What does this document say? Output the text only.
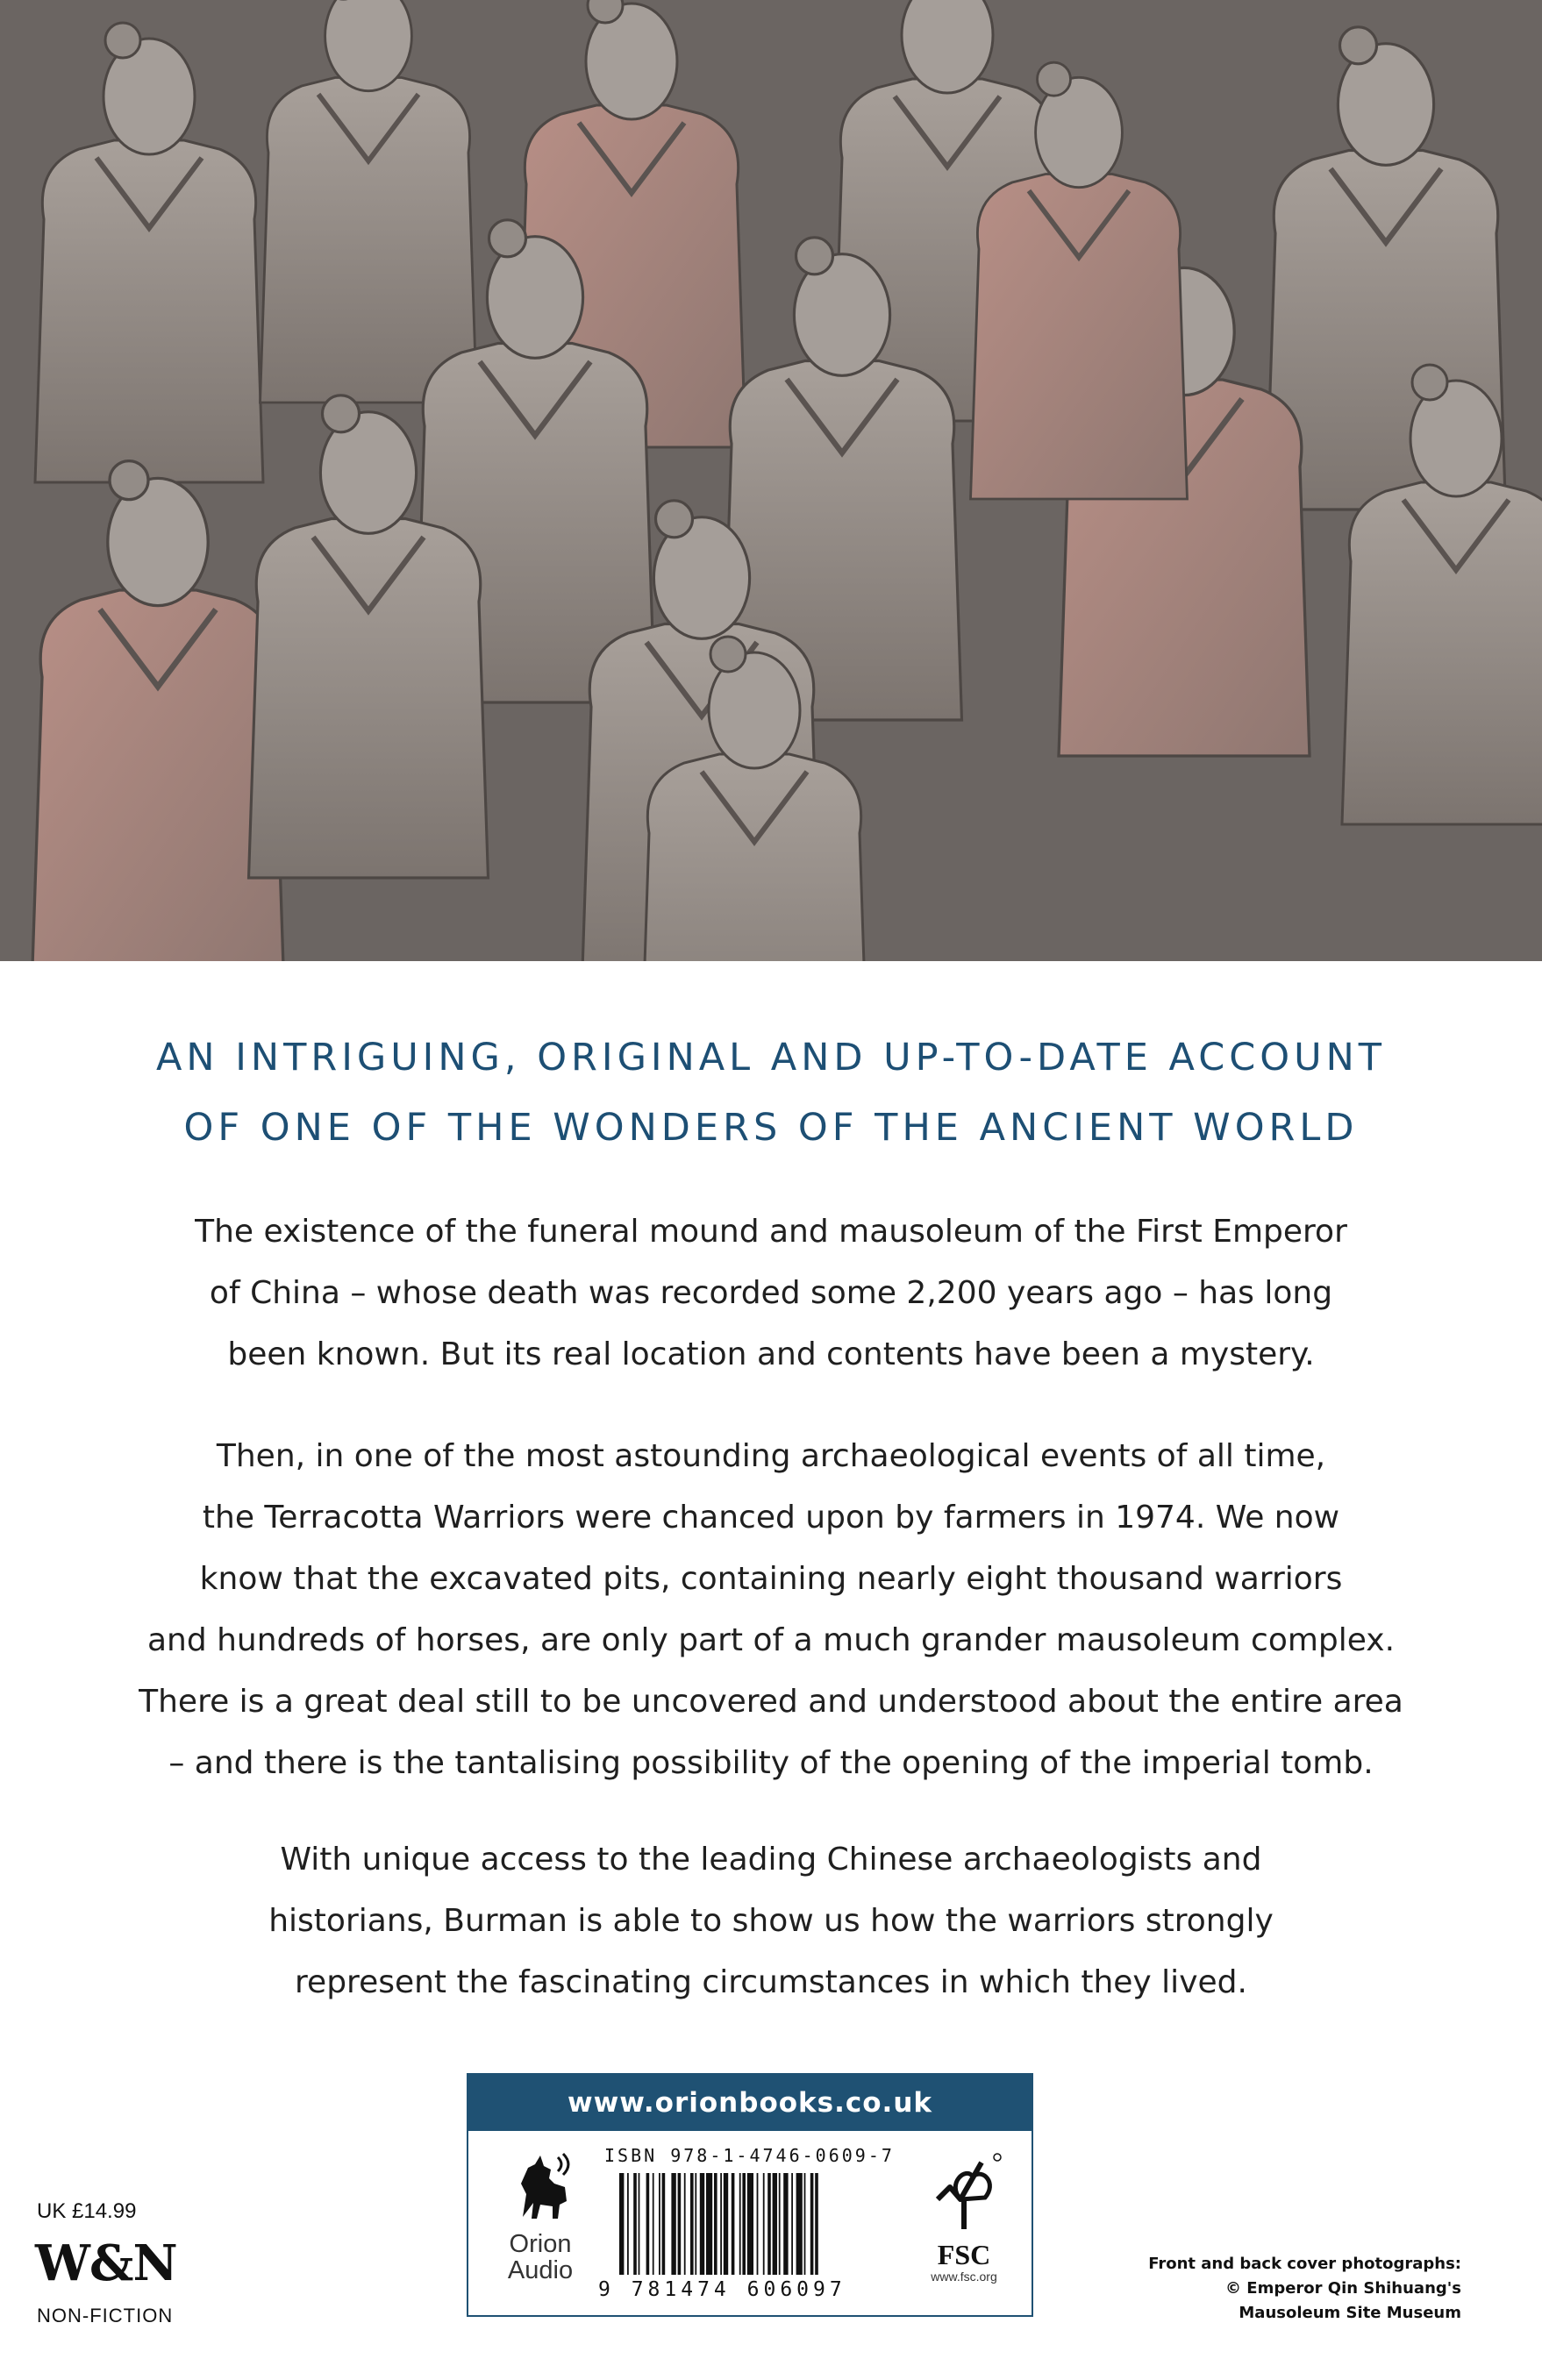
AN INTRIGUING, ORIGINAL AND UP-TO-DATE ACCOUNT
OF ONE OF THE WONDERS OF THE ANCIENT WORLD
The existence of the funeral mound and mausoleum of the First Emperor
of China – whose death was recorded some 2,200 years ago – has long
been known. But its real location and contents have been a mystery.
Then, in one of the most astounding archaeological events of all time,
the Terracotta Warriors were chanced upon by farmers in 1974. We now
know that the excavated pits, containing nearly eight thousand warriors
and hundreds of horses, are only part of a much grander mausoleum complex.
There is a great deal still to be uncovered and understood about the entire area
– and there is the tantalising possibility of the opening of the imperial tomb.
With unique access to the leading Chinese archaeologists and
historians, Burman is able to show us how the warriors strongly
represent the fascinating circumstances in which they lived.
www.orionbooks.co.uk
Orion
Audio
ISBN 978-1-4746-0609-7
9 781474 606097
FSC
www.fsc.org
UK £14.99
W&N
NON-FICTION
Front and back cover photographs:
© Emperor Qin Shihuang's
Mausoleum Site Museum
